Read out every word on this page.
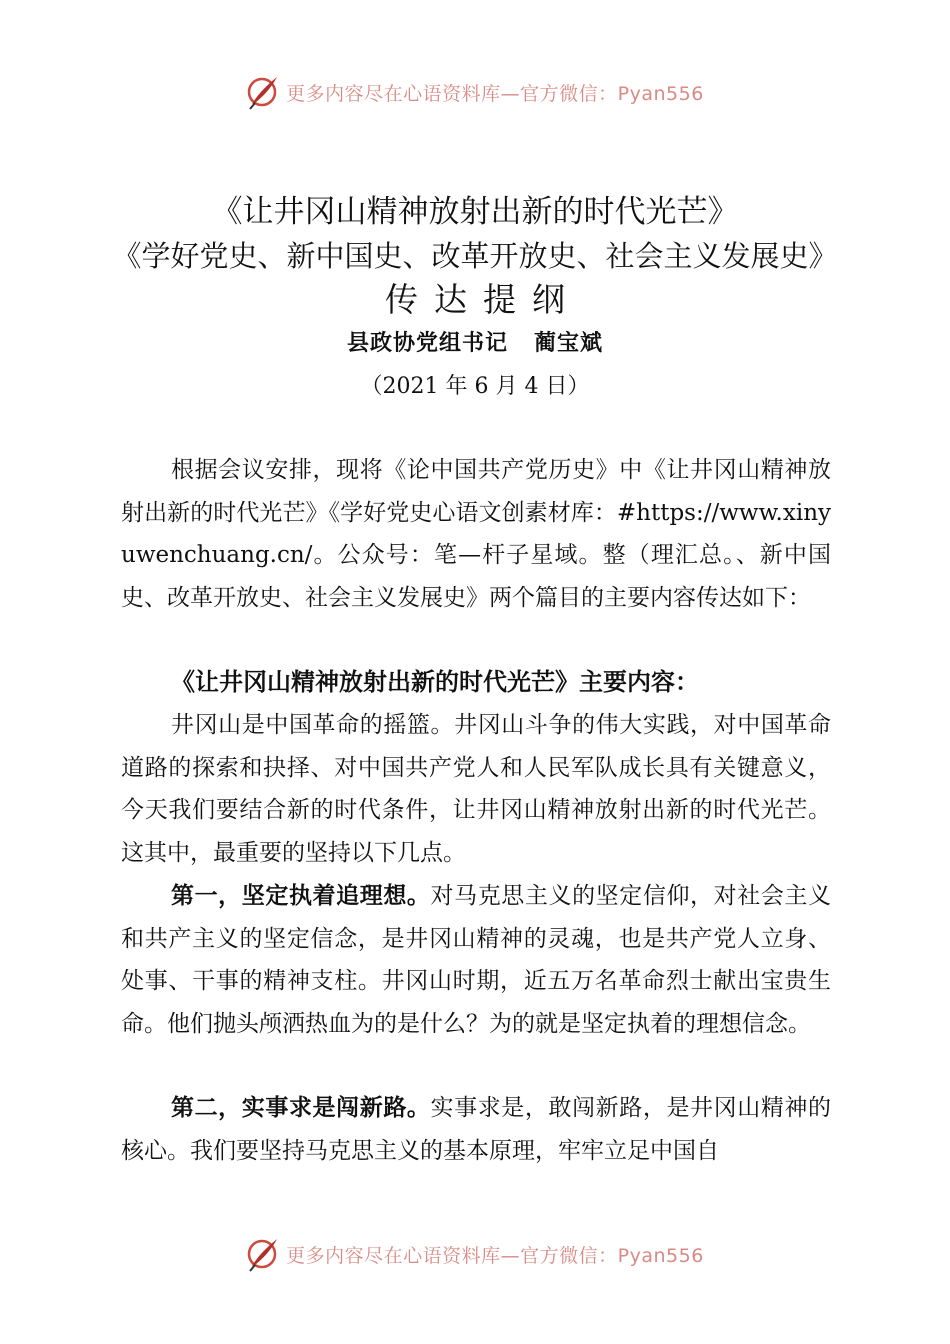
更多内容尽在心语资料库—官方微信：Pyan556
《让井冈山精神放射出新的时代光芒》
《学好党史、新中国史、改革开放史、社会主义发展史》
传达提纲
县政协党组书记   蔺宝斌
（2021 年 6 月 4 日）

根据会议安排，现将《论中国共产党历史》中《让井冈山精神放射出新的时代光芒》《学好党史心语文创素材库：#https://www.xinyuwenchuang.cn/。公众号：笔—杆子星域。整（理汇总。、新中国史、改革开放史、社会主义发展史》两个篇目的主要内容传达如下：

《让井冈山精神放射出新的时代光芒》主要内容：

井冈山是中国革命的摇篮。井冈山斗争的伟大实践，对中国革命道路的探索和抉择、对中国共产党人和人民军队成长具有关键意义，今天我们要结合新的时代条件，让井冈山精神放射出新的时代光芒。这其中，最重要的坚持以下几点。

第一，坚定执着追理想。对马克思主义的坚定信仰，对社会主义和共产主义的坚定信念，是井冈山精神的灵魂，也是共产党人立身、处事、干事的精神支柱。井冈山时期，近五万名革命烈士献出宝贵生命。他们抛头颅洒热血为的是什么？为的就是坚定执着的理想信念。

第二，实事求是闯新路。实事求是，敢闯新路，是井冈山精神的核心。我们要坚持马克思主义的基本原理，牢牢立足中国自

更多内容尽在心语资料库—官方微信：Pyan556
